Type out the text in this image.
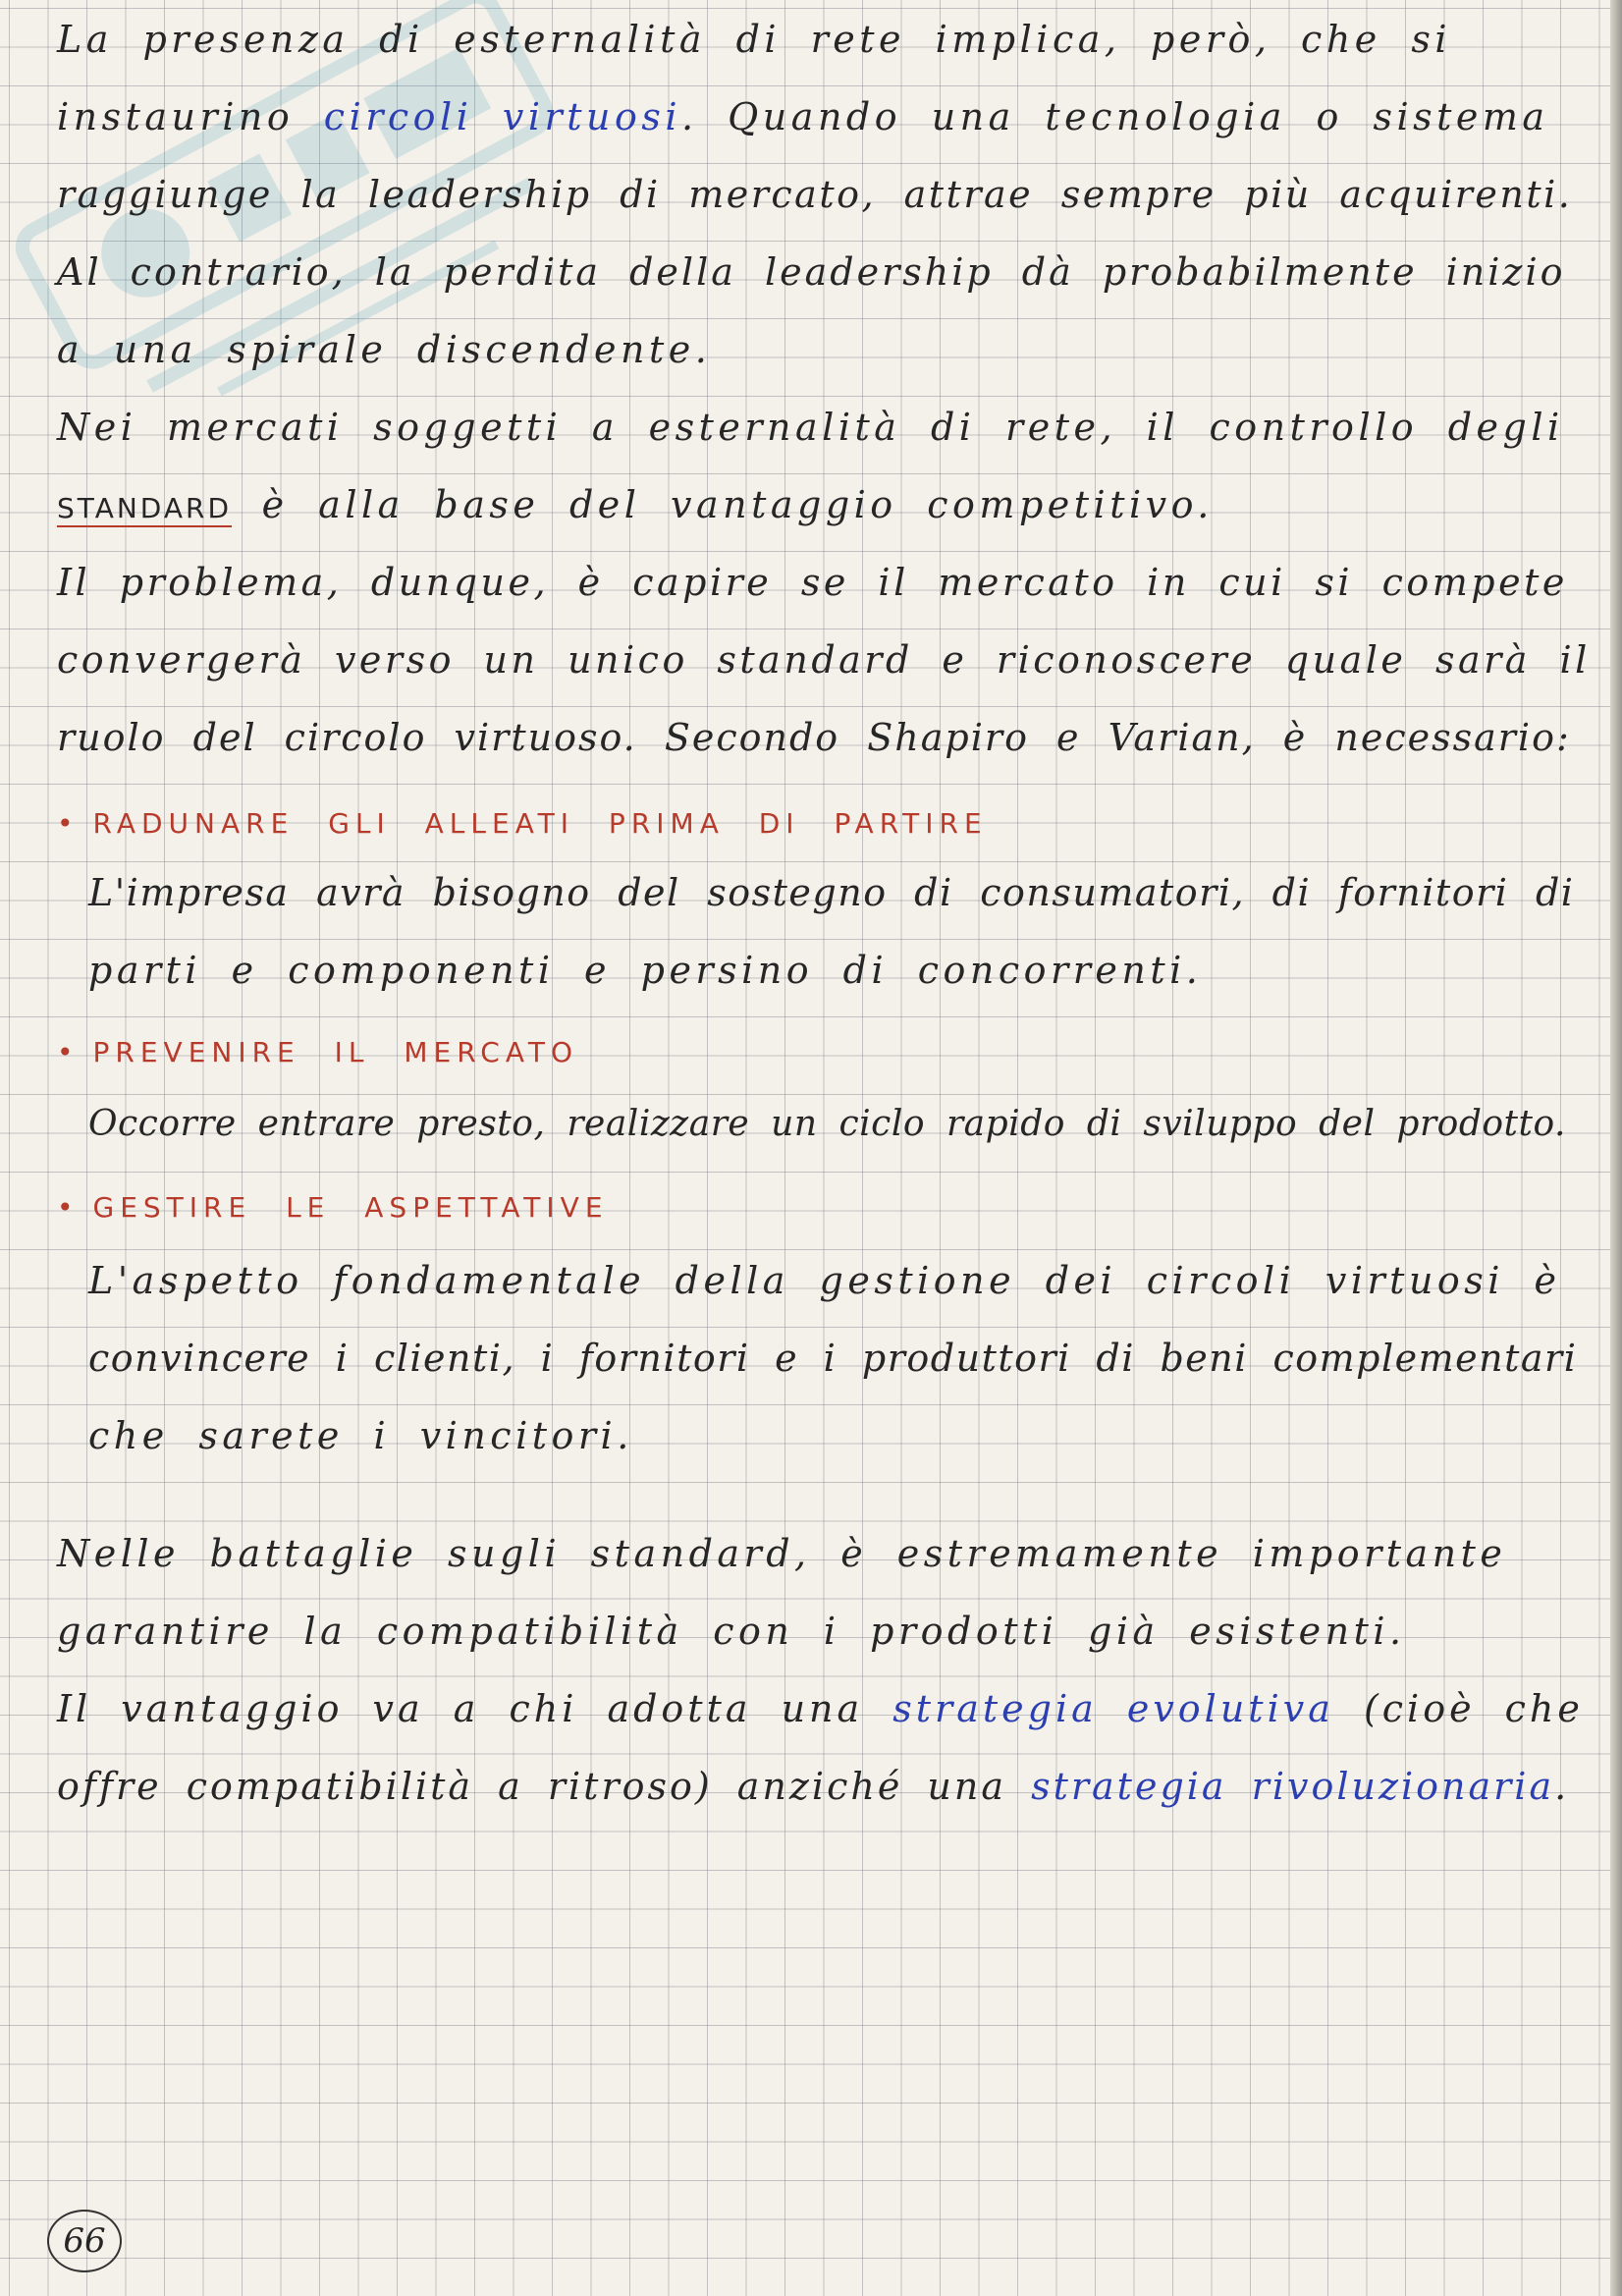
La presenza di esternalità di rete implica, però, che si
instaurino circoli virtuosi. Quando una tecnologia o sistema
raggiunge la leadership di mercato, attrae sempre più acquirenti.
Al contrario, la perdita della leadership dà probabilmente inizio
a una spirale discendente.
Nei mercati soggetti a esternalità di rete, il controllo degli
STANDARD è alla base del vantaggio competitivo.
Il problema, dunque, è capire se il mercato in cui si compete
convergerà verso un unico standard e riconoscere quale sarà il
ruolo del circolo virtuoso. Secondo Shapiro e Varian, è necessario:
• RADUNARE GLI ALLEATI PRIMA DI PARTIRE
L'impresa avrà bisogno del sostegno di consumatori, di fornitori di
parti e componenti e persino di concorrenti.
• PREVENIRE IL MERCATO
Occorre entrare presto, realizzare un ciclo rapido di sviluppo del prodotto.
• GESTIRE LE ASPETTATIVE
L'aspetto fondamentale della gestione dei circoli virtuosi è
convincere i clienti, i fornitori e i produttori di beni complementari
che sarete i vincitori.
Nelle battaglie sugli standard, è estremamente importante
garantire la compatibilità con i prodotti già esistenti.
Il vantaggio va a chi adotta una strategia evolutiva (cioè che
offre compatibilità a ritroso) anziché una strategia rivoluzionaria.
66
